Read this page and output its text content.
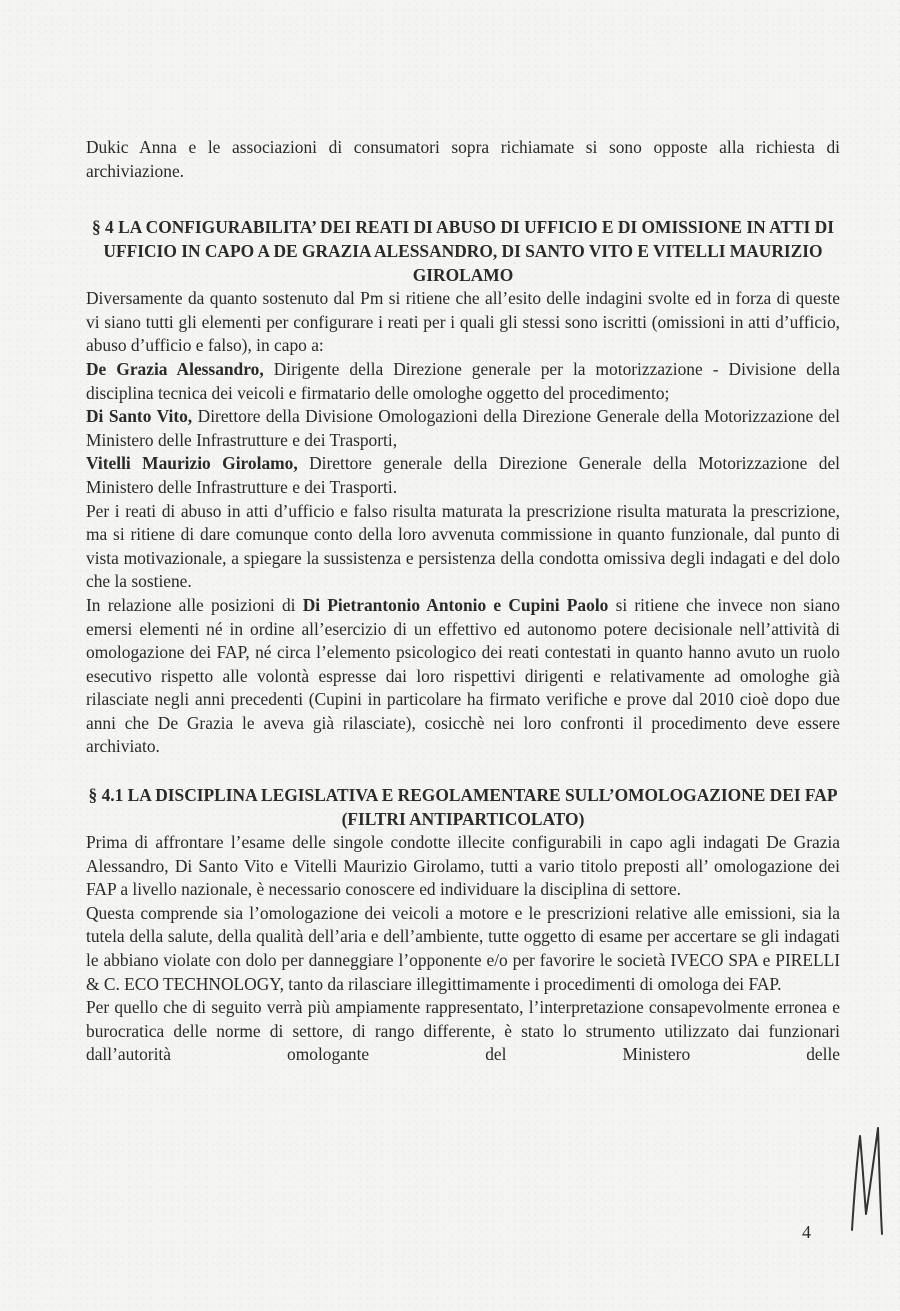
Dukic Anna e le associazioni di consumatori sopra richiamate si sono opposte alla richiesta di archiviazione.

§ 4 LA CONFIGURABILITA’ DEI REATI DI ABUSO DI UFFICIO E DI OMISSIONE IN ATTI DI UFFICIO IN CAPO A DE GRAZIA ALESSANDRO, DI SANTO VITO E VITELLI MAURIZIO GIROLAMO

Diversamente da quanto sostenuto dal Pm si ritiene che all’esito delle indagini svolte ed in forza di queste vi siano tutti gli elementi per configurare i reati per i quali gli stessi sono iscritti (omissioni in atti d’ufficio, abuso d’ufficio e falso), in capo a:

De Grazia Alessandro, Dirigente della Direzione generale per la motorizzazione - Divisione della disciplina tecnica dei veicoli e firmatario delle omologhe oggetto del procedimento;

Di Santo Vito, Direttore della Divisione Omologazioni della Direzione Generale della Motorizzazione del Ministero delle Infrastrutture e dei Trasporti,

Vitelli Maurizio Girolamo, Direttore generale della Direzione Generale della Motorizzazione del Ministero delle Infrastrutture e dei Trasporti.

Per i reati di abuso in atti d’ufficio e falso risulta maturata la prescrizione risulta maturata la prescrizione, ma si ritiene di dare comunque conto della loro avvenuta commissione in quanto funzionale, dal punto di vista motivazionale, a spiegare la sussistenza e persistenza della condotta omissiva degli indagati e del dolo che la sostiene.

In relazione alle posizioni di Di Pietrantonio Antonio e Cupini Paolo si ritiene che invece non siano emersi elementi né in ordine all’esercizio di un effettivo ed autonomo potere decisionale nell’attività di omologazione dei FAP, né circa l’elemento psicologico dei reati contestati in quanto hanno avuto un ruolo esecutivo rispetto alle volontà espresse dai loro rispettivi dirigenti e relativamente ad omologhe già rilasciate negli anni precedenti (Cupini in particolare ha firmato verifiche e prove dal 2010 cioè dopo due anni che De Grazia le aveva già rilasciate), cosicchè nei loro confronti il procedimento deve essere archiviato.

§ 4.1 LA DISCIPLINA LEGISLATIVA E REGOLAMENTARE SULL’OMOLOGAZIONE DEI FAP (FILTRI ANTIPARTICOLATO)

Prima di affrontare l’esame delle singole condotte illecite configurabili in capo agli indagati De Grazia Alessandro, Di Santo Vito e Vitelli Maurizio Girolamo, tutti a vario titolo preposti all’ omologazione dei FAP a livello nazionale, è necessario conoscere ed individuare la disciplina di settore.

Questa comprende sia l’omologazione dei veicoli a motore e le prescrizioni relative alle emissioni, sia la tutela della salute, della qualità dell’aria e dell’ambiente, tutte oggetto di esame per accertare se gli indagati le abbiano violate con dolo per danneggiare l’opponente e/o per favorire le società IVECO SPA e PIRELLI & C. ECO TECHNOLOGY, tanto da rilasciare illegittimamente i procedimenti di omologa dei FAP.

Per quello che di seguito verrà più ampiamente rappresentato, l’interpretazione consapevolmente erronea e burocratica delle norme di settore, di rango differente, è stato lo strumento utilizzato dai funzionari dall’autorità omologante del Ministero delle

4
